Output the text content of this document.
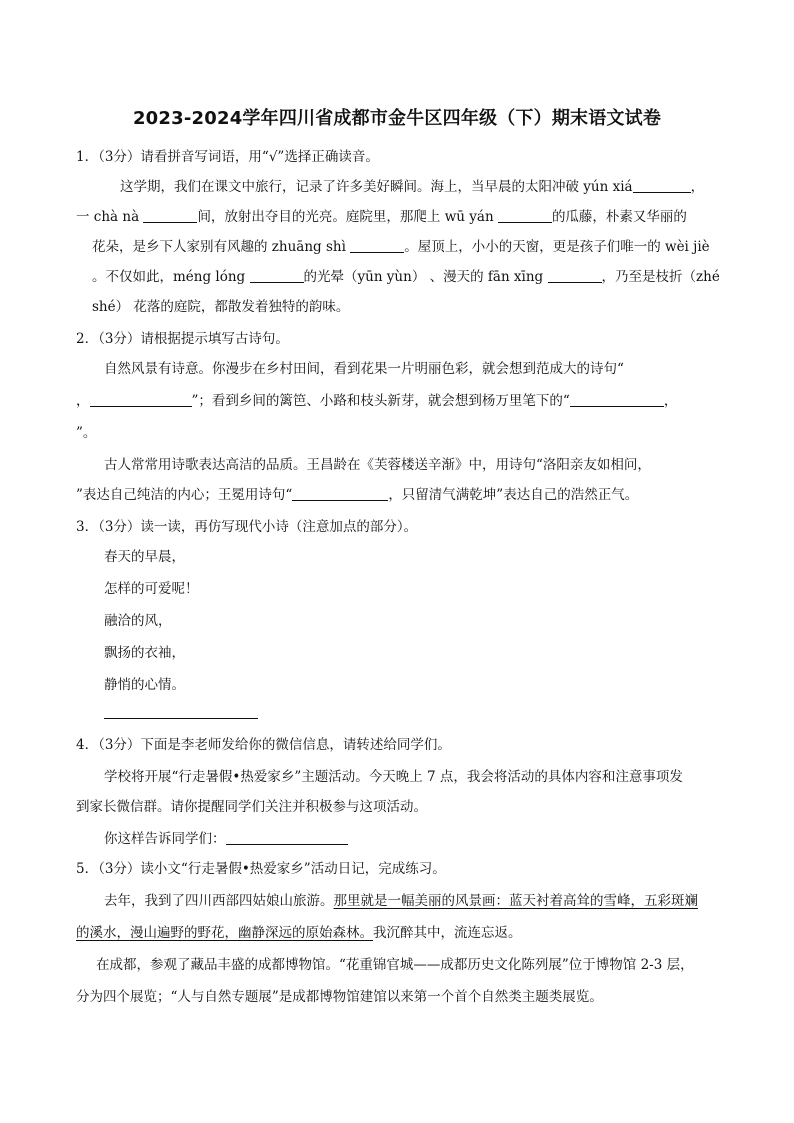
2023-2024学年四川省成都市金牛区四年级（下）期末语文试卷
1．（3分）请看拼音写词语，用“√”选择正确读音。
这学期，我们在课文中旅行，记录了许多美好瞬间。海上，当早晨的太阳冲破 yún xiá	，
一 chà nà	间，放射出夺目的光亮。庭院里，那爬上 wū yán	的瓜藤，朴素又华丽的
花朵，是乡下人家别有风趣的 zhuāng shì	。屋顶上，小小的天窗，更是孩子们唯一的 wèi jiè
。不仅如此，méng lóng	的光晕（yūn yùn） 、漫天的 fān xīng	，乃至是枝折（zhé
shé） 花落的庭院，都散发着独特的韵味。
2．（3分）请根据提示填写古诗句。
自然风景有诗意。你漫步在乡村田间，看到花果一片明丽色彩，就会想到范成大的诗句“
，	”；看到乡间的篱笆、小路和枝头新芽，就会想到杨万里笔下的“	，
”。
古人常常用诗歌表达高洁的品质。王昌龄在《芙蓉楼送辛渐》中，用诗句“洛阳亲友如相问，
”表达自己纯洁的内心；王冕用诗句“	，只留清气满乾坤”表达自己的浩然正气。
3．（3分）读一读，再仿写现代小诗（注意加点的部分）。
春天的早晨，
怎样的可爱呢！
融洽的风，
飘扬的衣袖，
静悄的心情。
4．（3分）下面是李老师发给你的微信信息，请转述给同学们。
学校将开展“行走暑假•热爱家乡”主题活动。今天晚上 7 点，我会将活动的具体内容和注意事项发
到家长微信群。请你提醒同学们关注并积极参与这项活动。
你这样告诉同学们：
5．（3分）读小文“行走暑假•热爱家乡”活动日记，完成练习。
去年，我到了四川西部四姑娘山旅游。那里就是一幅美丽的风景画：蓝天衬着高耸的雪峰，五彩斑斓
的溪水，漫山遍野的野花，幽静深远的原始森林。我沉醉其中，流连忘返。
在成都，参观了藏品丰盛的成都博物馆。“花重锦官城——成都历史文化陈列展”位于博物馆 2-3 层，
分为四个展览；“人与自然专题展”是成都博物馆建馆以来第一个首个自然类主题类展览。
